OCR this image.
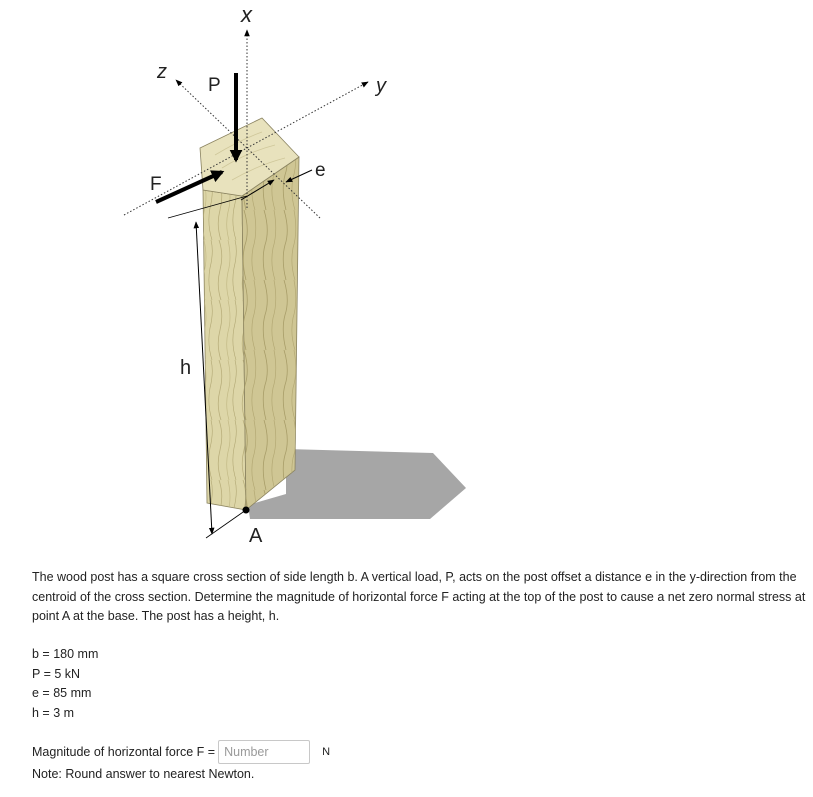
x
y
z
P
F
e
h
A

The wood post has a square cross section of side length b. A vertical load, P, acts on the post offset a distance e in the y-direction from the centroid of the cross section. Determine the magnitude of horizontal force F acting at the top of the post to cause a net zero normal stress at point A at the base. The post has a height, h.

b = 180 mm
P = 5 kN
e = 85 mm
h = 3 m
Magnitude of horizontal force F =
Number	N

Note: Round answer to nearest Newton.
